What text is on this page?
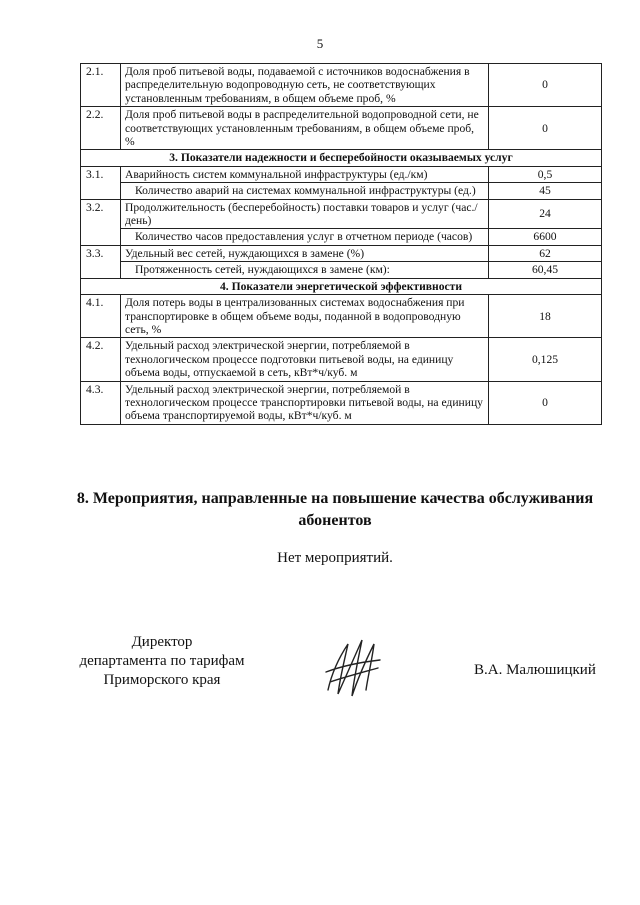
5
2.1.	Доля проб питьевой воды, подаваемой с источников водоснабжения в распределительную водопроводную сеть, не соответствующих установленным требованиям, в общем объеме проб, %	0
2.2.	Доля проб питьевой воды в распределительной водопроводной сети, не соответствующих установленным требованиям, в общем объеме проб, %	0
3. Показатели надежности и бесперебойности оказываемых услуг		
3.1.	Аварийность систем коммунальной инфраструктуры (ед./км)	0,5
	Количество аварий на системах коммунальной инфраструктуры (ед.)	45
3.2.	Продолжительность (бесперебойность) поставки товаров и услуг (час./день)	24
	Количество часов предоставления услуг в отчетном периоде (часов)	6600
3.3.	Удельный вес сетей, нуждающихся в замене (%)	62
	Протяженность сетей, нуждающихся в замене (км):	60,45
4. Показатели энергетической эффективности		
4.1.	Доля потерь воды в централизованных системах водоснабжения при транспортировке в общем объеме воды, поданной в водопроводную сеть, %	18
4.2.	Удельный расход электрической энергии, потребляемой в технологическом процессе подготовки питьевой воды, на единицу объема воды, отпускаемой в сеть, кВт*ч/куб. м	0,125
4.3.	Удельный расход электрической энергии, потребляемой в технологическом процессе транспортировки питьевой воды, на единицу объема транспортируемой воды, кВт*ч/куб. м	0
8. Мероприятия, направленные на повышение качества обслуживания абонентов
Нет мероприятий.
Директор
департамента по тарифам
Приморского края
В.А. Малюшицкий
